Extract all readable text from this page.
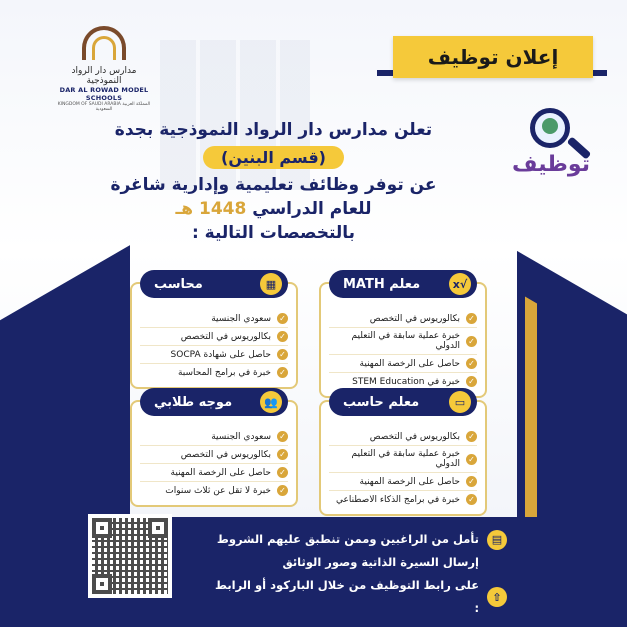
مدارس دار الرواد النموذجية
DAR AL ROWAD MODEL SCHOOLS
KINGDOM OF SAUDI ARABIA المملكة العربية السعودية
إعلان توظيف
توظيف
تعلن مدارس دار الرواد النموذجية بجدة
(قسم البنين)
عن توفر وظائف تعليمية وإدارية شاغرة
للعام الدراسي 1448 هـ
بالتخصصات التالية :
√x
معلم MATH
✓
بكالوريوس في التخصص
✓
خبرة عملية سابقة في التعليم الدولي
✓
حاصل على الرخصة المهنية
✓
خبرة في STEM Education
▦
محاسب
✓
سعودي الجنسية
✓
بكالوريوس في التخصص
✓
حاصل على شهادة SOCPA
✓
خبرة في برامج المحاسبة
▭
معلم حاسب
✓
بكالوريوس في التخصص
✓
خبرة عملية سابقة في التعليم الدولي
✓
حاصل على الرخصة المهنية
✓
خبرة في برامج الذكاء الاصطناعي
👥
موجه طلابي
✓
سعودي الجنسية
✓
بكالوريوس في التخصص
✓
حاصل على الرخصة المهنية
✓
خبرة لا تقل عن ثلاث سنوات
▤
تأمل من الراغبين وممن تنطبق عليهم الشروط
إرسال السيرة الذاتية وصور الوثائق
⇧
على رابط التوظيف من خلال الباركود أو الرابط :
